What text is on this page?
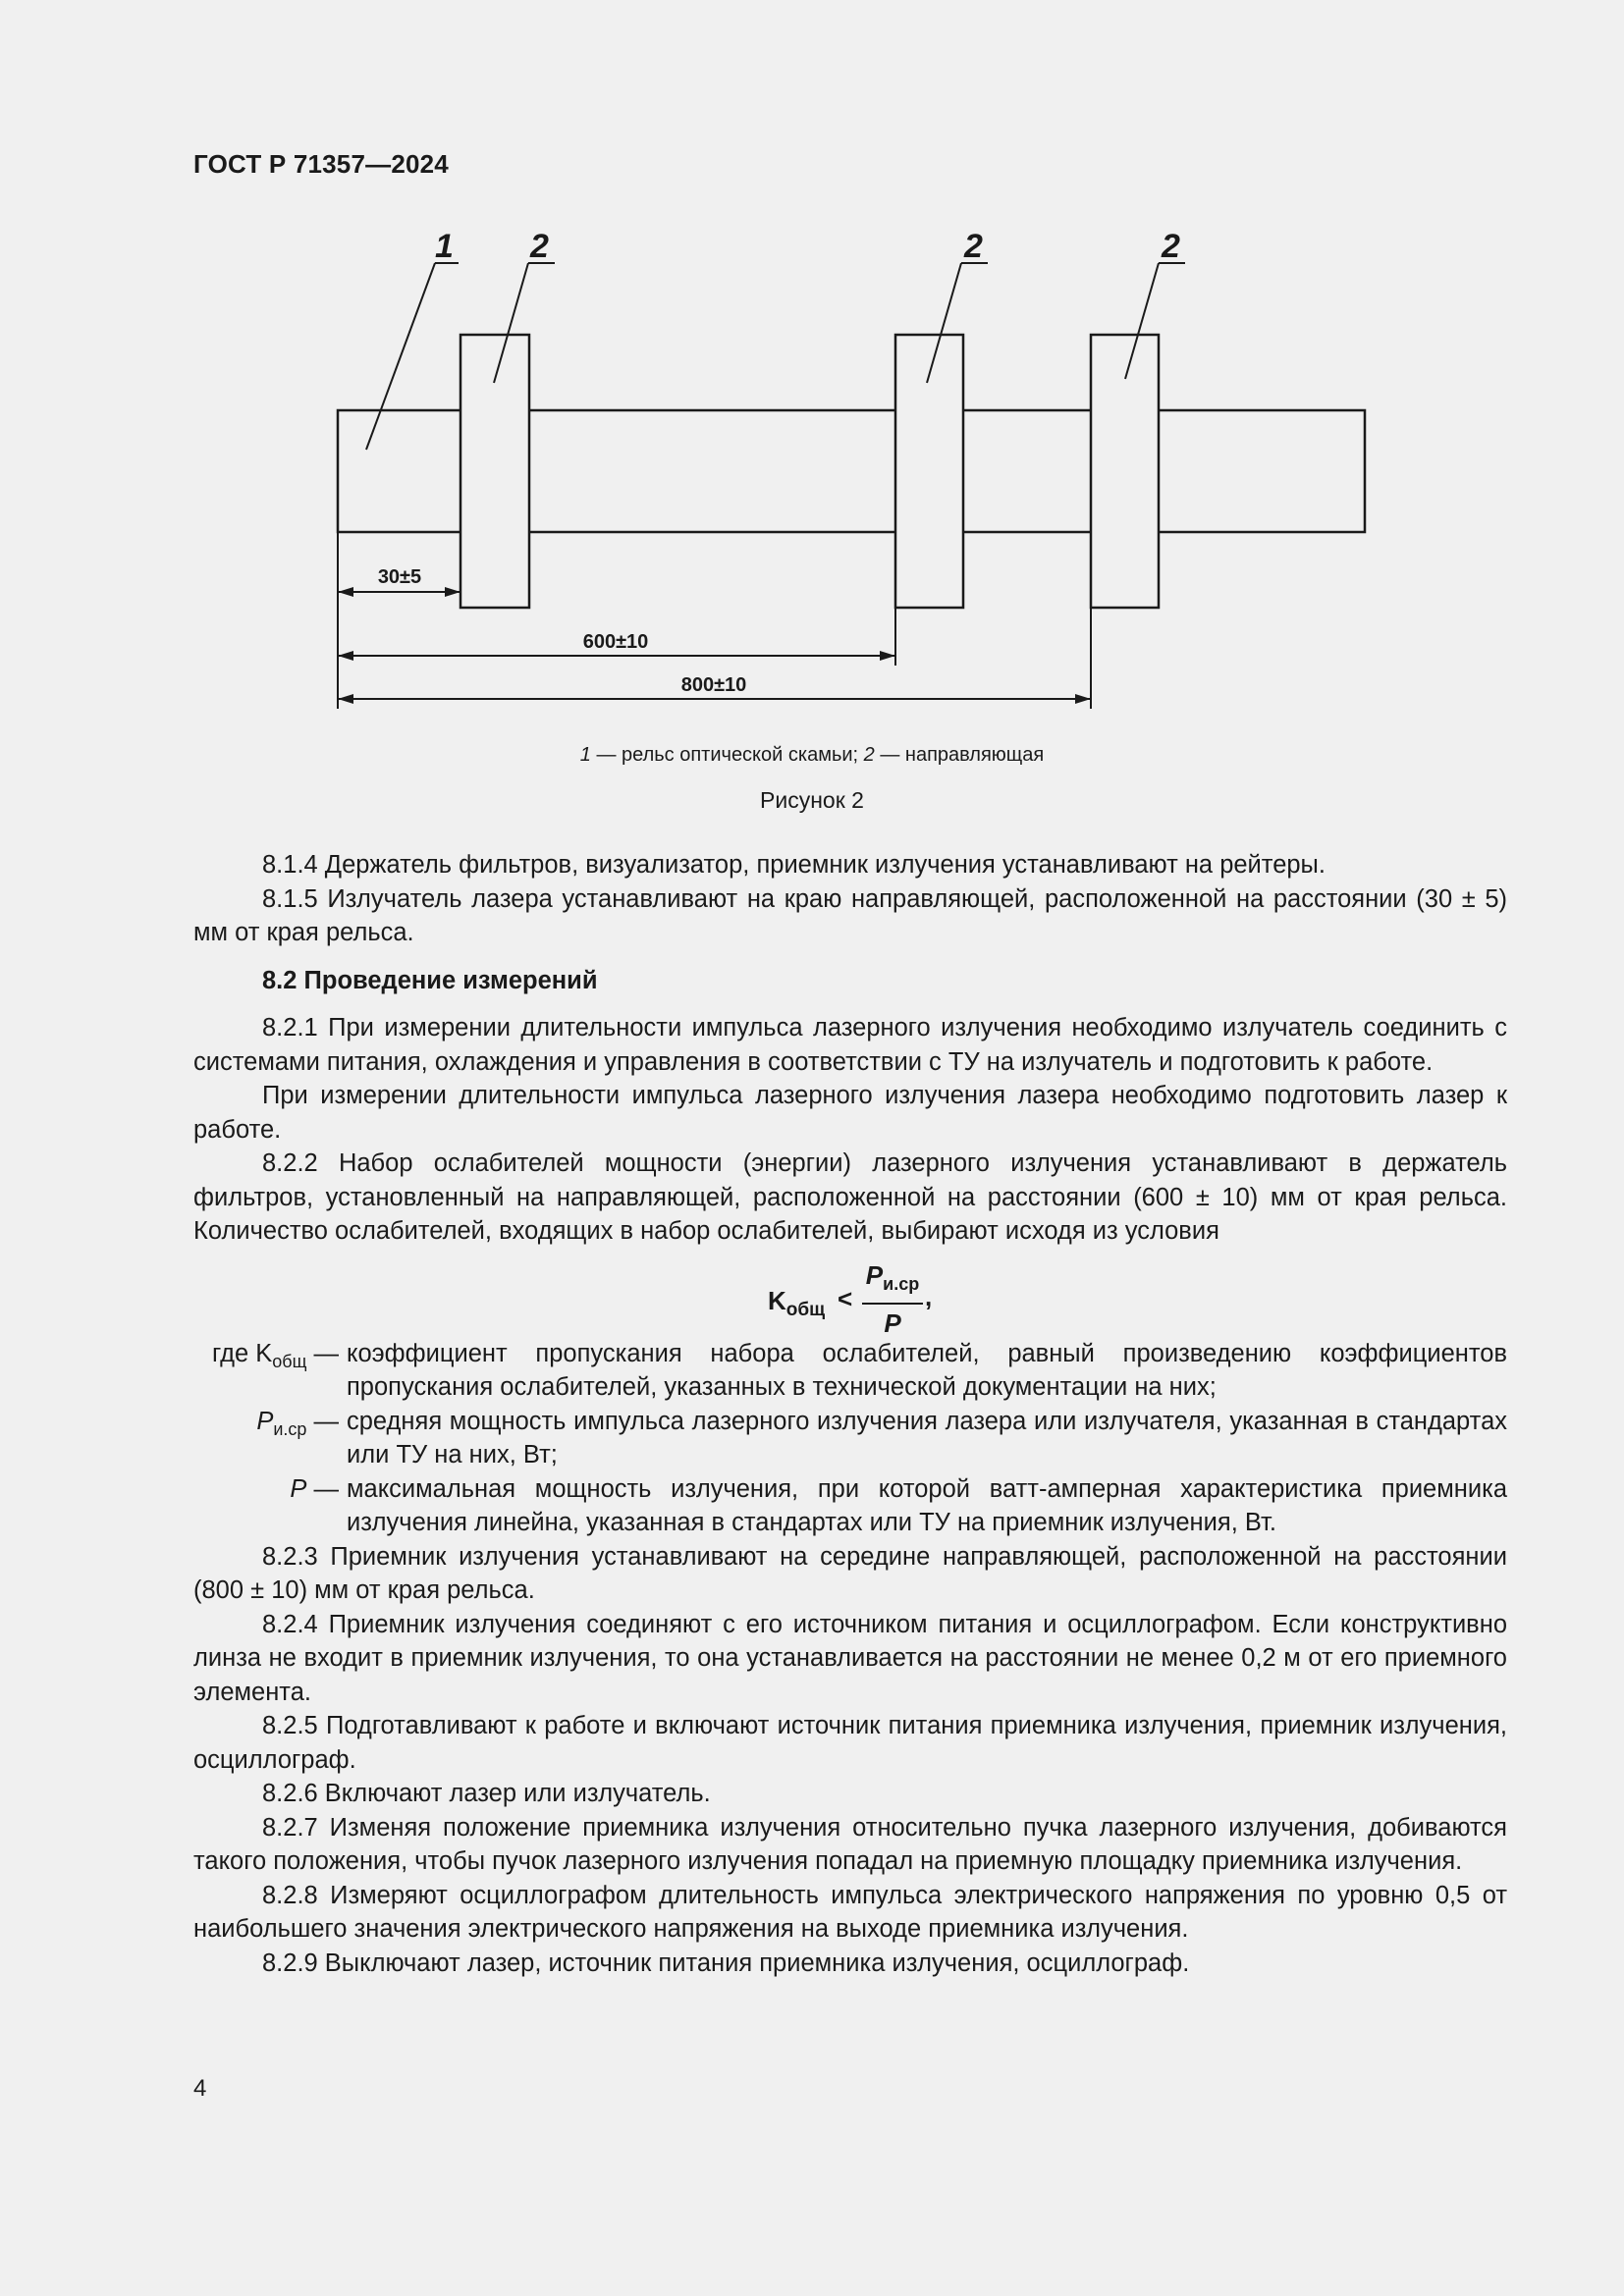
ГОСТ Р 71357—2024
1 2	2	2
30±5
600±10
800±10
1 — рельс оптической скамьи; 2 — направляющая
Рисунок 2

8.1.4 Держатель фильтров, визуализатор, приемник излучения устанавливают на рейтеры.

8.1.5 Излучатель лазера устанавливают на краю направляющей, расположенной на расстоянии (30 ± 5) мм от края рельса.

8.2 Проведение измерений

8.2.1 При измерении длительности импульса лазерного излучения необходимо излучатель соединить с системами питания, охлаждения и управления в соответствии с ТУ на излучатель и подготовить к работе.

При измерении длительности импульса лазерного излучения лазера необходимо подготовить лазер к работе.

8.2.2 Набор ослабителей мощности (энергии) лазерного излучения устанавливают в держатель фильтров, установленный на направляющей, расположенной на расстоянии (600 ± 10) мм от края рельса. Количество ослабителей, входящих в набор ослабителей, выбирают исходя из условия

$K_{общ}$ <
$P_{и.ср}$
P
,
где $K_{общ}$ — коэффициент пропускания набора ослабителей, равный произведению коэффициентов пропускания ослабителей, указанных в технической документации на них;
$P_{и.ср}$ — средняя мощность импульса лазерного излучения лазера или излучателя, указанная в стандартах или ТУ на них, Вт;
P — максимальная мощность излучения, при которой ватт-амперная характеристика приемника излучения линейна, указанная в стандартах или ТУ на приемник излучения, Вт.

8.2.3 Приемник излучения устанавливают на середине направляющей, расположенной на расстоянии (800 ± 10) мм от края рельса.

8.2.4 Приемник излучения соединяют с его источником питания и осциллографом. Если конструктивно линза не входит в приемник излучения, то она устанавливается на расстоянии не менее 0,2 м от его приемного элемента.

8.2.5 Подготавливают к работе и включают источник питания приемника излучения, приемник излучения, осциллограф.

8.2.6 Включают лазер или излучатель.

8.2.7 Изменяя положение приемника излучения относительно пучка лазерного излучения, добиваются такого положения, чтобы пучок лазерного излучения попадал на приемную площадку приемника излучения.

8.2.8 Измеряют осциллографом длительность импульса электрического напряжения по уровню 0,5 от наибольшего значения электрического напряжения на выходе приемника излучения.

8.2.9 Выключают лазер, источник питания приемника излучения, осциллограф.

4
